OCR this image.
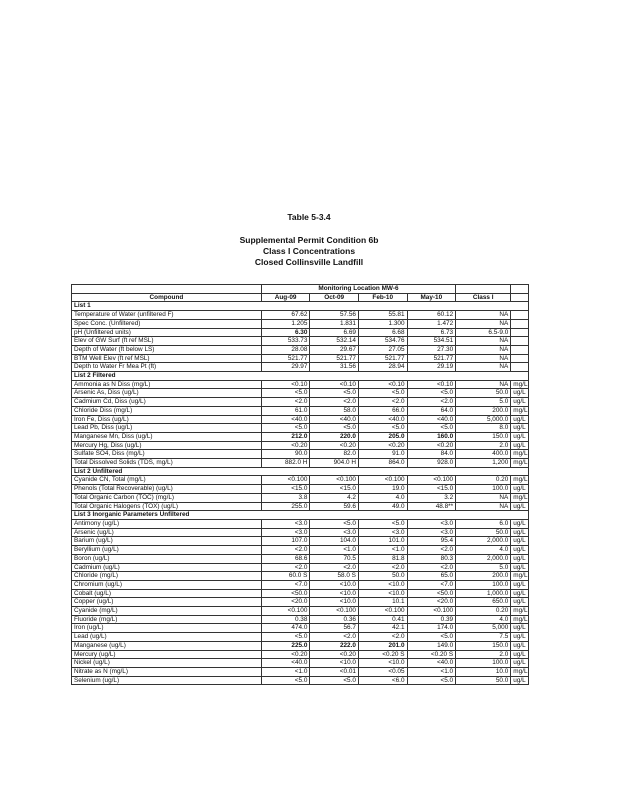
Table 5-3.4
Supplemental Permit Condition 6b
Class I Concentrations
Closed Collinsville Landfill
	Monitoring Location MW-6					
Compound	Aug-09	Oct-09	Feb-10	May-10	Class I	
List 1						
Temperature of Water (unfiltered F)	67.62	57.56	55.81	60.12	NA	
Spec Conc. (Unfiltered)	1.205	1.831	1.300	1.472	NA	
pH (Unfiltered units)	6.30	6.69	6.68	6.73	6.5-9.0	
Elev of GW Surf (ft ref MSL)	533.73	532.14	534.76	534.51	NA	
Depth of Water (ft below LS)	28.08	29.67	27.05	27.30	NA	
BTM Well Elev (ft ref MSL)	521.77	521.77	521.77	521.77	NA	
Depth to Water Fr Mea Pt (ft)	29.97	31.56	28.94	29.19	NA	
List 2 Filtered						
Ammonia as N Diss (mg/L)	<0.10	<0.10	<0.10	<0.10	NA	mg/L
Arsenic As, Diss (ug/L)	<5.0	<5.0	<5.0	<5.0	50.0	ug/L
Cadmium Cd, Diss (ug/L)	<2.0	<2.0	<2.0	<2.0	5.0	ug/L
Chloride Diss (mg/L)	61.0	58.0	66.0	64.0	200.0	mg/L
Iron Fe, Diss (ug/L)	<40.0	<40.0	<40.0	<40.0	5,000.0	ug/L
Lead Pb, Diss (ug/L)	<5.0	<5.0	<5.0	<5.0	8.0	ug/L
Manganese Mn, Diss (ug/L)	212.0	220.0	205.0	160.0	150.0	ug/L
Mercury Hg, Diss (ug/L)	<0.20	<0.20	<0.20	<0.20	2.0	ug/L
Sulfate SO4, Diss (mg/L)	90.0	82.0	91.0	84.0	400.0	mg/L
Total Dissolved Solids (TDS, mg/L)	882.0 H	904.0 H	864.0	928.0	1,200	mg/L
List 2 Unfiltered						
Cyanide CN, Total (mg/L)	<0.100	<0.100	<0.100	<0.100	0.20	mg/L
Phenols (Total Recoverable) (ug/L)	<15.0	<15.0	19.0	<15.0	100.0	ug/L
Total Organic Carbon (TOC) (mg/L)	3.8	4.2	4.0	3.2	NA	mg/L
Total Organic Halogens (TOX) (ug/L)	255.0	59.6	49.0	48.8**	NA	ug/L
List 3 Inorganic Parameters Unfiltered						
Antimony (ug/L)	<3.0	<5.0	<5.0	<3.0	6.0	ug/L
Arsenic (ug/L)	<3.0	<3.0	<3.0	<3.0	50.0	ug/L
Barium (ug/L)	107.0	104.0	101.0	95.4	2,000.0	ug/L
Beryllium (ug/L)	<2.0	<1.0	<1.0	<2.0	4.0	ug/L
Boron (ug/L)	68.6	70.5	81.8	80.3	2,000.0	ug/L
Cadmium (ug/L)	<2.0	<2.0	<2.0	<2.0	5.0	ug/L
Chloride (mg/L)	60.0 S	58.0 S	50.0	65.0	200.0	mg/L
Chromium (ug/L)	<7.0	<10.0	<10.0	<7.0	100.0	ug/L
Cobalt (ug/L)	<50.0	<10.0	<10.0	<50.0	1,000.0	ug/L
Copper (ug/L)	<20.0	<10.0	10.1	<20.0	650.0	ug/L
Cyanide (mg/L)	<0.100	<0.100	<0.100	<0.100	0.20	mg/L
Fluoride (mg/L)	0.38	0.36	0.41	0.39	4.0	mg/L
Iron (ug/L)	474.0	56.7	42.1	174.0	5,000	ug/L
Lead (ug/L)	<5.0	<2.0	<2.0	<5.0	7.5	ug/L
Manganese (ug/L)	225.0	222.0	201.0	149.0	150.0	ug/L
Mercury (ug/L)	<0.20	<0.20	<0.20 S	<0.20 S	2.0	ug/L
Nickel (ug/L)	<40.0	<10.0	<10.0	<40.0	100.0	ug/L
Nitrate as N (mg/L)	<1.0	<0.01	<0.05	<1.0	10.0	mg/L
Selenium (ug/L)	<5.0	<5.0	<6.0	<5.0	50.0	ug/L
